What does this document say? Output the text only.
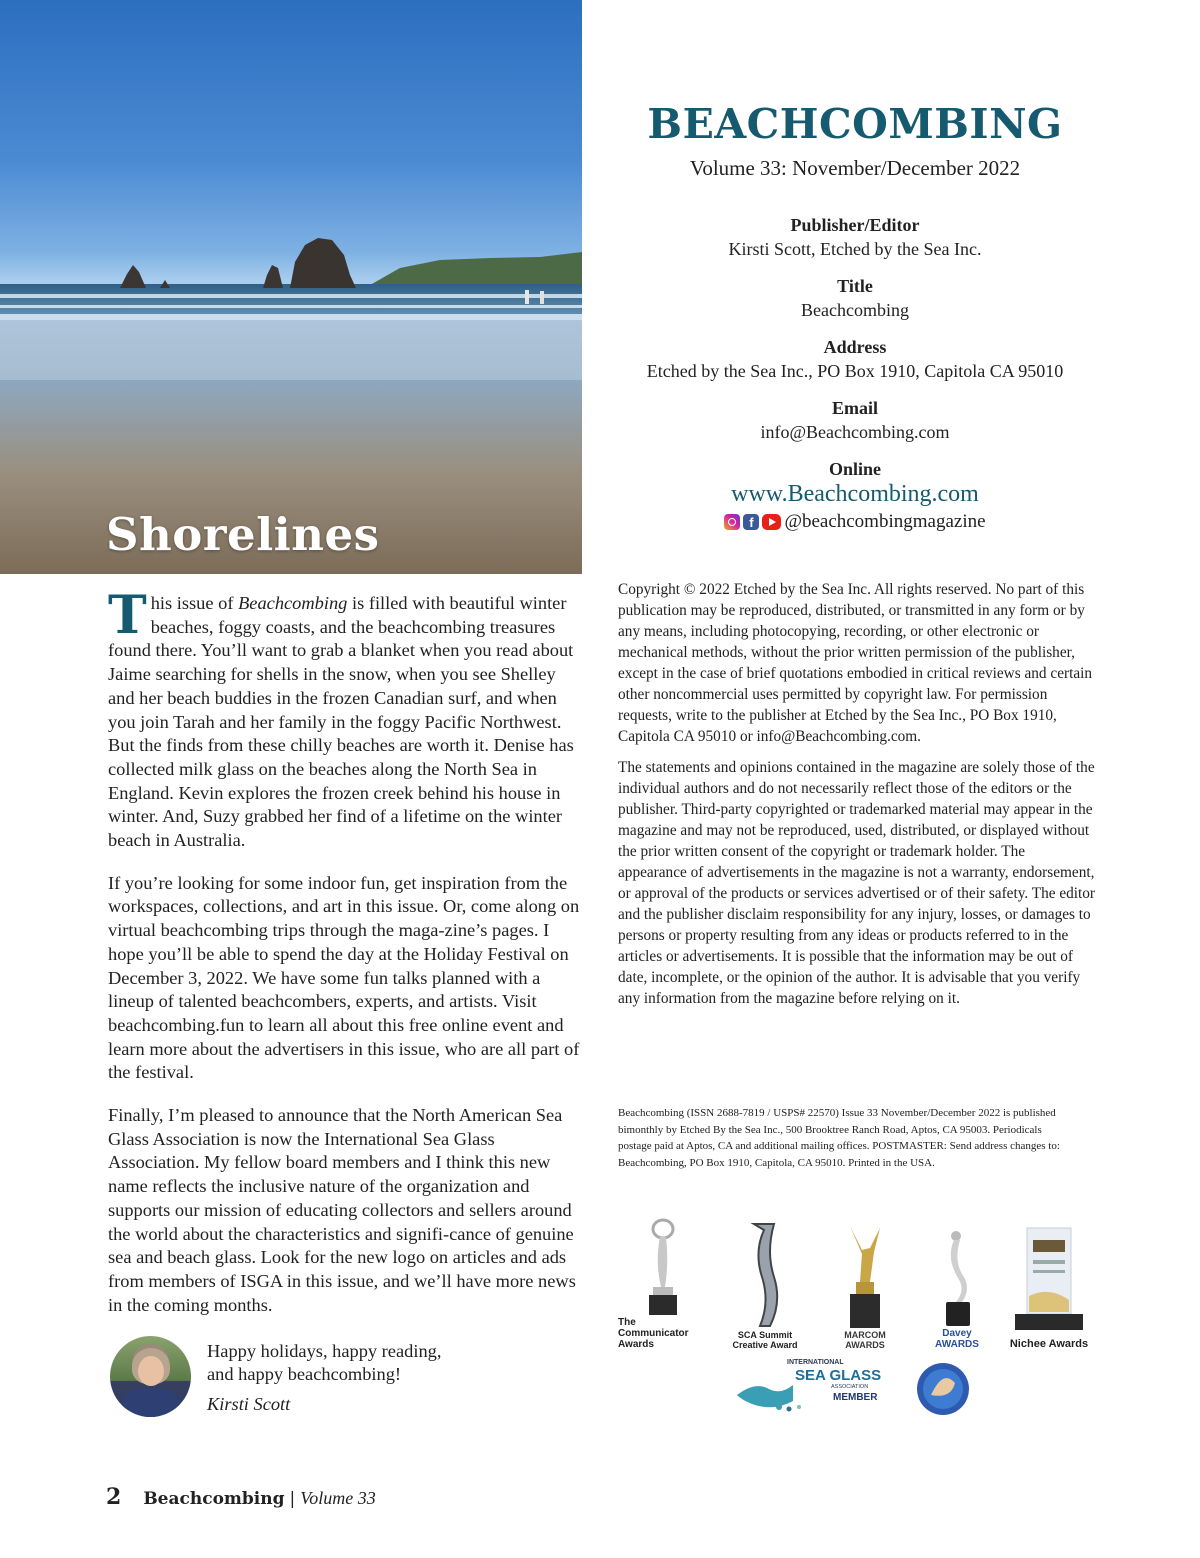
Shorelines
BEACHCOMBING
Volume 33: November/December 2022
Publisher/Editor
Kirsti Scott, Etched by the Sea Inc.
Title
Beachcombing
Address
Etched by the Sea Inc., PO Box 1910, Capitola CA 95010
Email
info@Beachcombing.com
Online
www.Beachcombing.com
f	@beachcombingmagazine

This issue of Beachcombing is filled with beautiful winter beaches, foggy coasts, and the beachcombing treasures found there. You’ll want to grab a blanket when you read about Jaime searching for shells in the snow, when you see Shelley and her beach buddies in the frozen Canadian surf, and when you join Tarah and her family in the foggy Pacific Northwest. But the finds from these chilly beaches are worth it. Denise has collected milk glass on the beaches along the North Sea in England. Kevin explores the frozen creek behind his house in winter. And, Suzy grabbed her find of a lifetime on the winter beach in Australia.

If you’re looking for some indoor fun, get inspiration from the workspaces, collections, and art in this issue. Or, come along on virtual beachcombing trips through the maga-zine’s pages. I hope you’ll be able to spend the day at the Holiday Festival on December 3, 2022. We have some fun talks planned with a lineup of talented beachcombers, experts, and artists. Visit beachcombing.fun to learn all about this free online event and learn more about the advertisers in this issue, who are all part of the festival.

Finally, I’m pleased to announce that the North American Sea Glass Association is now the International Sea Glass Association. My fellow board members and I think this new name reflects the inclusive nature of the organization and supports our mission of educating collectors and sellers around the world about the characteristics and signifi-cance of genuine sea and beach glass. Look for the new logo on articles and ads from members of ISGA in this issue, and we’ll have more news in the coming months.

Happy holidays, happy reading,
and happy beachcombing!
Kirsti Scott

Copyright © 2022 Etched by the Sea Inc. All rights reserved. No part of this publication may be reproduced, distributed, or transmitted in any form or by any means, including photocopying, recording, or other electronic or mechanical methods, without the prior written permission of the publisher, except in the case of brief quotations embodied in critical reviews and certain other noncommercial uses permitted by copyright law. For permission requests, write to the publisher at Etched by the Sea Inc., PO Box 1910, Capitola CA 95010 or info@Beachcombing.com.

The statements and opinions contained in the magazine are solely those of the individual authors and do not necessarily reflect those of the editors or the publisher. Third-party copyrighted or trademarked material may appear in the magazine and may not be reproduced, used, distributed, or displayed without the prior written consent of the copyright or trademark holder. The appearance of advertisements in the magazine is not a warranty, endorsement, or approval of the products or services advertised or of their safety. The editor and the publisher disclaim responsibility for any injury, losses, or damages to persons or property resulting from any ideas or products referred to in the articles or advertisements. It is possible that the information may be out of date, incomplete, or the opinion of the author. It is advisable that you verify any information from the magazine before relying on it.

Beachcombing (ISSN 2688-7819 / USPS# 22570) Issue 33 November/December 2022 is published bimonthly by Etched By the Sea Inc., 500 Brooktree Ranch Road, Aptos, CA 95003. Periodicals postage paid at Aptos, CA and additional mailing offices. POSTMASTER: Send address changes to: Beachcombing, PO Box 1910, Capitola, CA 95010. Printed in the USA.
The Communicator Awards
SCA Summit Creative Award
MARCOM AWARDS
Davey AWARDS	Nichee Awards
INTERNATIONAL
SEA GLASS
ASSOCIATION
MEMBER
2 Beachcombing | Volume 33
